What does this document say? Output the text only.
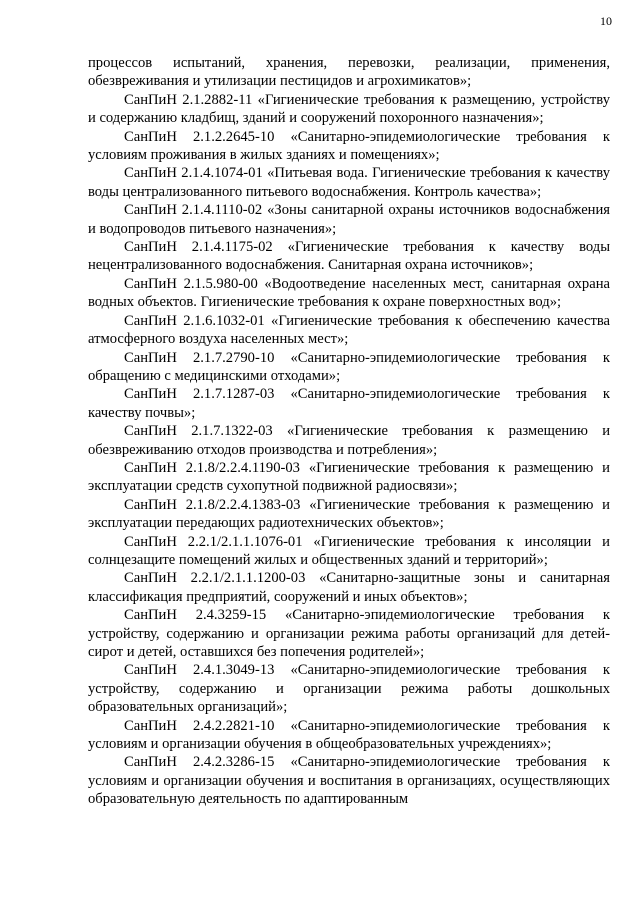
10

процессов испытаний, хранения, перевозки, реализации, применения, обезвреживания и утилизации пестицидов и агрохимикатов»;

СанПиН 2.1.2882-11 «Гигиенические требования к размещению, устройству и содержанию кладбищ, зданий и сооружений похоронного назначения»;

СанПиН 2.1.2.2645-10 «Санитарно-эпидемиологические требования к условиям проживания в жилых зданиях и помещениях»;

СанПиН 2.1.4.1074-01 «Питьевая вода. Гигиенические требования к качеству воды централизованного питьевого водоснабжения. Контроль качества»;

СанПиН 2.1.4.1110-02 «Зоны санитарной охраны источников водоснабжения и водопроводов питьевого назначения»;

СанПиН 2.1.4.1175-02 «Гигиенические требования к качеству воды нецентрализованного водоснабжения. Санитарная охрана источников»;

СанПиН 2.1.5.980-00 «Водоотведение населенных мест, санитарная охрана водных объектов. Гигиенические требования к охране поверхностных вод»;

СанПиН 2.1.6.1032-01 «Гигиенические требования к обеспечению качества атмосферного воздуха населенных мест»;

СанПиН 2.1.7.2790-10 «Санитарно-эпидемиологические требования к обращению с медицинскими отходами»;

СанПиН 2.1.7.1287-03 «Санитарно-эпидемиологические требования к качеству почвы»;

СанПиН 2.1.7.1322-03 «Гигиенические требования к размещению и обезвреживанию отходов производства и потребления»;

СанПиН 2.1.8/2.2.4.1190-03 «Гигиенические требования к размещению и эксплуатации средств сухопутной подвижной радиосвязи»;

СанПиН 2.1.8/2.2.4.1383-03 «Гигиенические требования к размещению и эксплуатации передающих радиотехнических объектов»;

СанПиН 2.2.1/2.1.1.1076-01 «Гигиенические требования к инсоляции и солнцезащите помещений жилых и общественных зданий и территорий»;

СанПиН 2.2.1/2.1.1.1200-03 «Санитарно-защитные зоны и санитарная классификация предприятий, сооружений и иных объектов»;

СанПиН 2.4.3259-15 «Санитарно-эпидемиологические требования к устройству, содержанию и организации режима работы организаций для детей-сирот и детей, оставшихся без попечения родителей»;

СанПиН 2.4.1.3049-13 «Санитарно-эпидемиологические требования к устройству, содержанию и организации режима работы дошкольных образовательных организаций»;

СанПиН 2.4.2.2821-10 «Санитарно-эпидемиологические требования к условиям и организации обучения в общеобразовательных учреждениях»;

СанПиН 2.4.2.3286-15 «Санитарно-эпидемиологические требования к условиям и организации обучения и воспитания в организациях, осуществляющих образовательную деятельность по адаптированным
